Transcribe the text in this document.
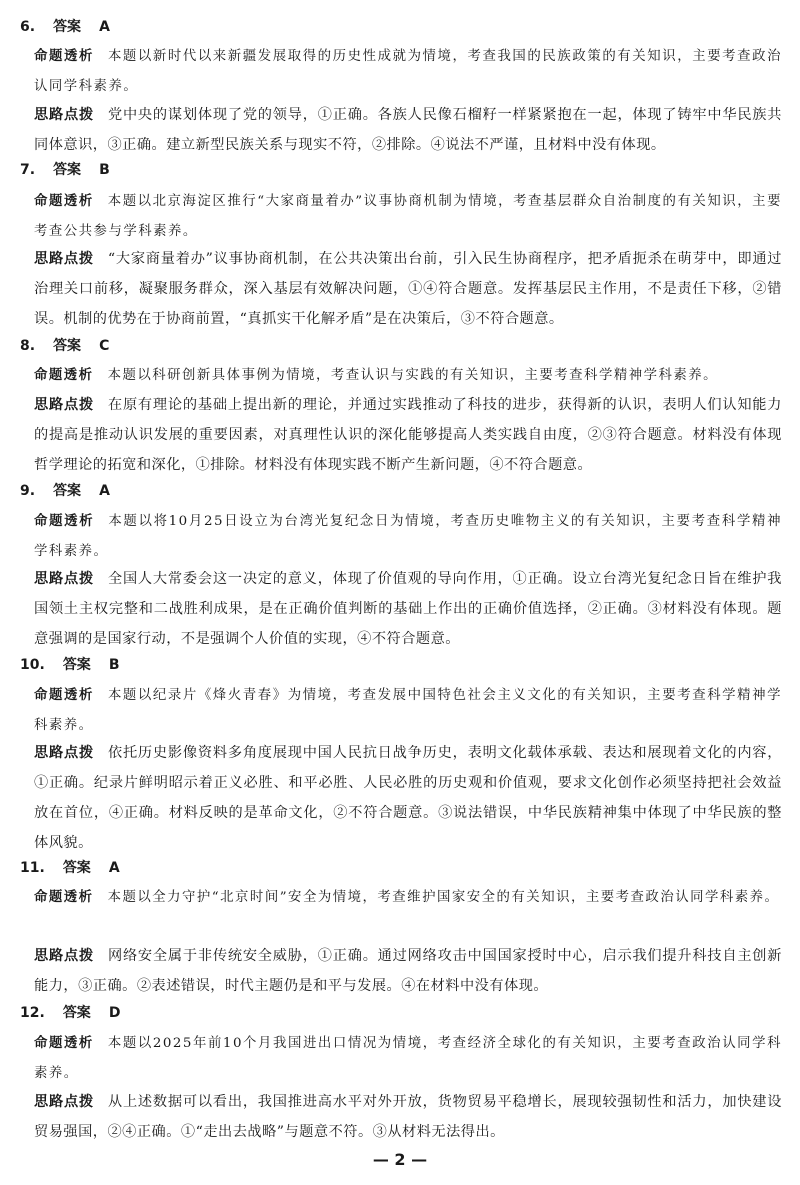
6. 答案 A
命题透析 本题以新时代以来新疆发展取得的历史性成就为情境，考查我国的民族政策的有关知识，主要考查政治认同学科素养。
思路点拨 党中央的谋划体现了党的领导，①正确。各族人民像石榴籽一样紧紧抱在一起，体现了铸牢中华民族共同体意识，③正确。建立新型民族关系与现实不符，②排除。④说法不严谨，且材料中没有体现。
7. 答案 B
命题透析 本题以北京海淀区推行“大家商量着办”议事协商机制为情境，考查基层群众自治制度的有关知识，主要考查公共参与学科素养。
思路点拨 “大家商量着办”议事协商机制，在公共决策出台前，引入民生协商程序，把矛盾扼杀在萌芽中，即通过治理关口前移，凝聚服务群众，深入基层有效解决问题，①④符合题意。发挥基层民主作用，不是责任下移，②错误。机制的优势在于协商前置，“真抓实干化解矛盾”是在决策后，③不符合题意。
8. 答案 C
命题透析 本题以科研创新具体事例为情境，考查认识与实践的有关知识，主要考查科学精神学科素养。
思路点拨 在原有理论的基础上提出新的理论，并通过实践推动了科技的进步，获得新的认识，表明人们认知能力的提高是推动认识发展的重要因素，对真理性认识的深化能够提高人类实践自由度，②③符合题意。材料没有体现哲学理论的拓宽和深化，①排除。材料没有体现实践不断产生新问题，④不符合题意。
9. 答案 A
命题透析 本题以将10月25日设立为台湾光复纪念日为情境，考查历史唯物主义的有关知识，主要考查科学精神学科素养。
思路点拨 全国人大常委会这一决定的意义，体现了价值观的导向作用，①正确。设立台湾光复纪念日旨在维护我国领土主权完整和二战胜利成果，是在正确价值判断的基础上作出的正确价值选择，②正确。③材料没有体现。题意强调的是国家行动，不是强调个人价值的实现，④不符合题意。
10. 答案 B
命题透析 本题以纪录片《烽火青春》为情境，考查发展中国特色社会主义文化的有关知识，主要考查科学精神学科素养。
思路点拨 依托历史影像资料多角度展现中国人民抗日战争历史，表明文化载体承载、表达和展现着文化的内容，①正确。纪录片鲜明昭示着正义必胜、和平必胜、人民必胜的历史观和价值观，要求文化创作必须坚持把社会效益放在首位，④正确。材料反映的是革命文化，②不符合题意。③说法错误，中华民族精神集中体现了中华民族的整体风貌。
11. 答案 A
命题透析 本题以全力守护“北京时间”安全为情境，考查维护国家安全的有关知识，主要考查政治认同学科素养。
思路点拨 网络安全属于非传统安全威胁，①正确。通过网络攻击中国国家授时中心，启示我们提升科技自主创新能力，③正确。②表述错误，时代主题仍是和平与发展。④在材料中没有体现。
12. 答案 D
命题透析 本题以2025年前10个月我国进出口情况为情境，考查经济全球化的有关知识，主要考查政治认同学科素养。
思路点拨 从上述数据可以看出，我国推进高水平对外开放，货物贸易平稳增长，展现较强韧性和活力，加快建设贸易强国，②④正确。①“走出去战略”与题意不符。③从材料无法得出。
— 2 —
